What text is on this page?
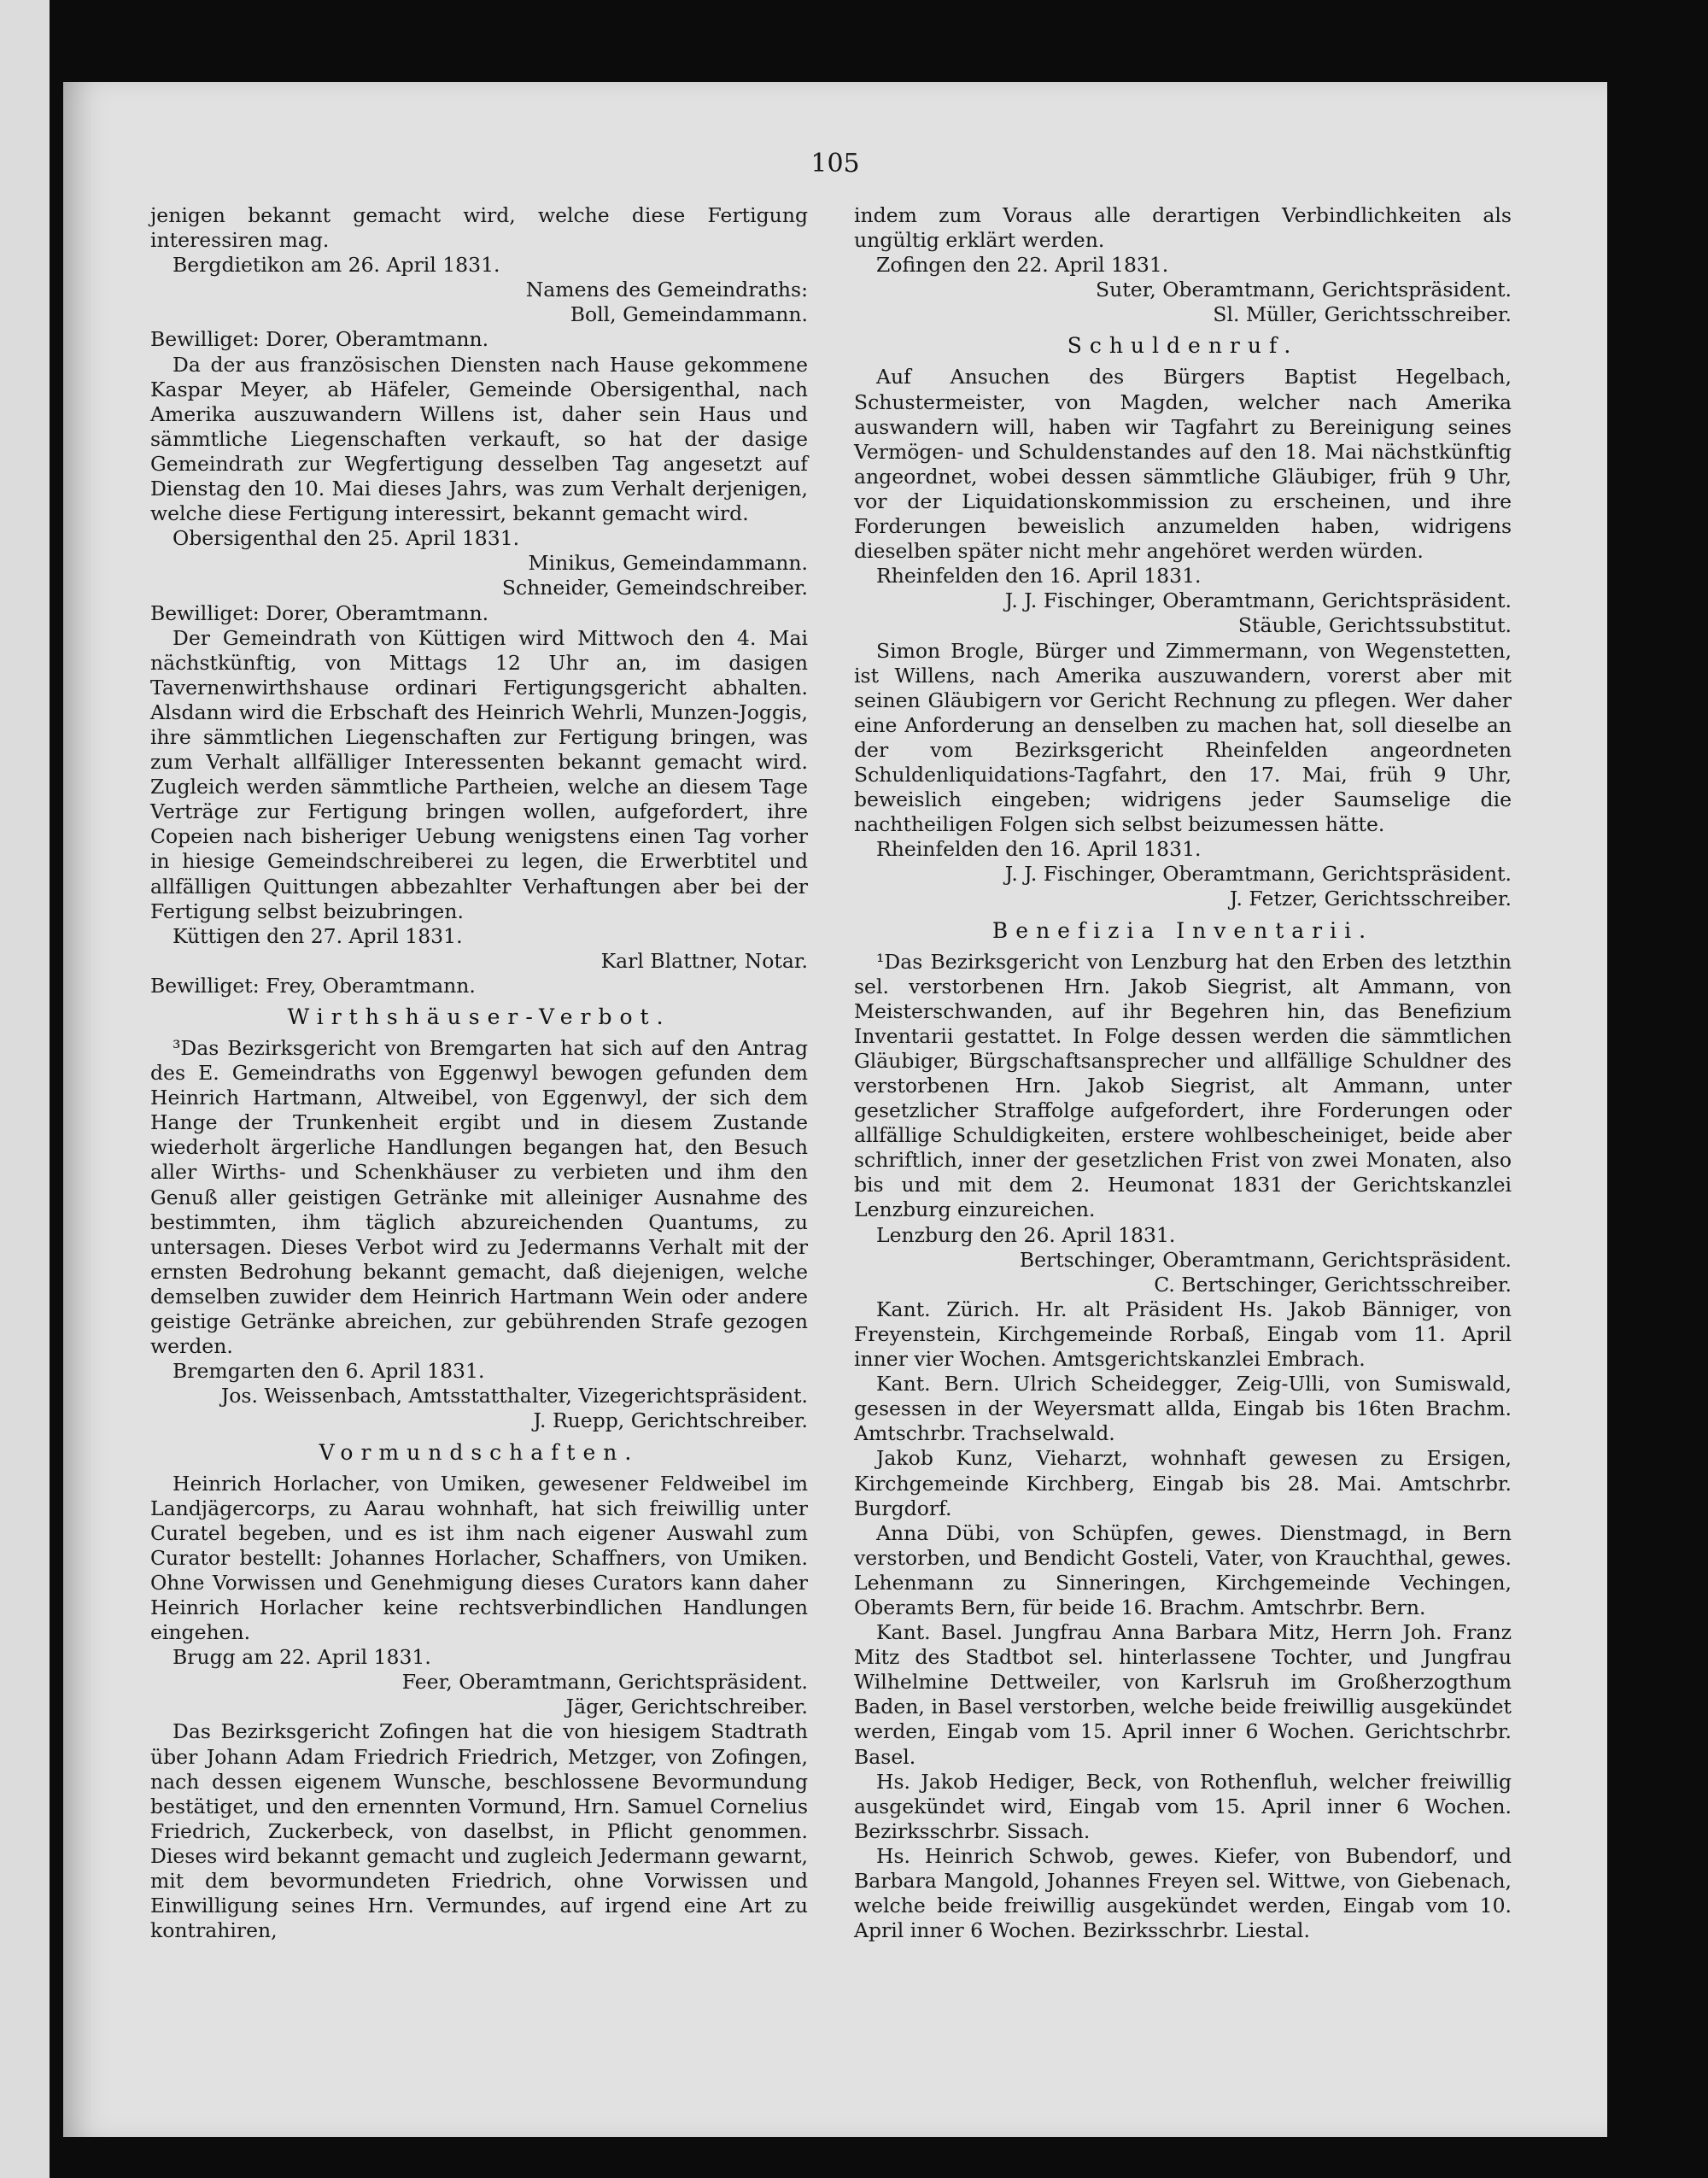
105
jenigen bekannt gemacht wird, welche diese Fertigung interessiren mag.
Bergdietikon am 26. April 1831.
Namens des Gemeindraths:
Boll, Gemeindammann.
Bewilliget: Dorer, Oberamtmann.
Da der aus französischen Diensten nach Hause gekommene Kaspar Meyer, ab Häfeler, Gemeinde Obersigenthal, nach Amerika auszuwandern Willens ist, daher sein Haus und sämmtliche Liegenschaften verkauft, so hat der dasige Gemeindrath zur Wegfertigung desselben Tag angesetzt auf Dienstag den 10. Mai dieses Jahrs, was zum Verhalt derjenigen, welche diese Fertigung interessirt, bekannt gemacht wird.
Obersigenthal den 25. April 1831.
Minikus, Gemeindammann.
Schneider, Gemeindschreiber.
Bewilliget: Dorer, Oberamtmann.
Der Gemeindrath von Küttigen wird Mittwoch den 4. Mai nächstkünftig, von Mittags 12 Uhr an, im dasigen Tavernenwirthshause ordinari Fertigungsgericht abhalten. Alsdann wird die Erbschaft des Heinrich Wehrli, Munzen-Joggis, ihre sämmtlichen Liegenschaften zur Fertigung bringen, was zum Verhalt allfälliger Interessenten bekannt gemacht wird. Zugleich werden sämmtliche Partheien, welche an diesem Tage Verträge zur Fertigung bringen wollen, aufgefordert, ihre Copeien nach bisheriger Uebung wenigstens einen Tag vorher in hiesige Gemeindschreiberei zu legen, die Erwerbtitel und allfälligen Quittungen abbezahlter Verhaftungen aber bei der Fertigung selbst beizubringen.
Küttigen den 27. April 1831.
Karl Blattner, Notar.
Bewilliget: Frey, Oberamtmann.
Wirthshäuser-Verbot.
³Das Bezirksgericht von Bremgarten hat sich auf den Antrag des E. Gemeindraths von Eggenwyl bewogen gefunden dem Heinrich Hartmann, Altweibel, von Eggenwyl, der sich dem Hange der Trunkenheit ergibt und in diesem Zustande wiederholt ärgerliche Handlungen begangen hat, den Besuch aller Wirths- und Schenkhäuser zu verbieten und ihm den Genuß aller geistigen Getränke mit alleiniger Ausnahme des bestimmten, ihm täglich abzureichenden Quantums, zu untersagen. Dieses Verbot wird zu Jedermanns Verhalt mit der ernsten Bedrohung bekannt gemacht, daß diejenigen, welche demselben zuwider dem Heinrich Hartmann Wein oder andere geistige Getränke abreichen, zur gebührenden Strafe gezogen werden.
Bremgarten den 6. April 1831.
Jos. Weissenbach, Amtsstatthalter, Vizegerichtspräsident.
J. Ruepp, Gerichtschreiber.
Vormundschaften.
Heinrich Horlacher, von Umiken, gewesener Feldweibel im Landjägercorps, zu Aarau wohnhaft, hat sich freiwillig unter Curatel begeben, und es ist ihm nach eigener Auswahl zum Curator bestellt: Johannes Horlacher, Schaffners, von Umiken. Ohne Vorwissen und Genehmigung dieses Curators kann daher Heinrich Horlacher keine rechtsverbindlichen Handlungen eingehen.
Brugg am 22. April 1831.
Feer, Oberamtmann, Gerichtspräsident.
Jäger, Gerichtschreiber.
Das Bezirksgericht Zofingen hat die von hiesigem Stadtrath über Johann Adam Friedrich Friedrich, Metzger, von Zofingen, nach dessen eigenem Wunsche, beschlossene Bevormundung bestätiget, und den ernennten Vormund, Hrn. Samuel Cornelius Friedrich, Zuckerbeck, von daselbst, in Pflicht genommen. Dieses wird bekannt gemacht und zugleich Jedermann gewarnt, mit dem bevormundeten Friedrich, ohne Vorwissen und Einwilligung seines Hrn. Vermundes, auf irgend eine Art zu kontrahiren,
indem zum Voraus alle derartigen Verbindlichkeiten als ungültig erklärt werden.
Zofingen den 22. April 1831.
Suter, Oberamtmann, Gerichtspräsident.
Sl. Müller, Gerichtsschreiber.
Schuldenruf.
Auf Ansuchen des Bürgers Baptist Hegelbach, Schustermeister, von Magden, welcher nach Amerika auswandern will, haben wir Tagfahrt zu Bereinigung seines Vermögen- und Schuldenstandes auf den 18. Mai nächstkünftig angeordnet, wobei dessen sämmtliche Gläubiger, früh 9 Uhr, vor der Liquidationskommission zu erscheinen, und ihre Forderungen beweislich anzumelden haben, widrigens dieselben später nicht mehr angehöret werden würden.
Rheinfelden den 16. April 1831.
J. J. Fischinger, Oberamtmann, Gerichtspräsident.
Stäuble, Gerichtssubstitut.
Simon Brogle, Bürger und Zimmermann, von Wegenstetten, ist Willens, nach Amerika auszuwandern, vorerst aber mit seinen Gläubigern vor Gericht Rechnung zu pflegen. Wer daher eine Anforderung an denselben zu machen hat, soll dieselbe an der vom Bezirksgericht Rheinfelden angeordneten Schuldenliquidations-Tagfahrt, den 17. Mai, früh 9 Uhr, beweislich eingeben; widrigens jeder Saumselige die nachtheiligen Folgen sich selbst beizumessen hätte.
Rheinfelden den 16. April 1831.
J. J. Fischinger, Oberamtmann, Gerichtspräsident.
J. Fetzer, Gerichtsschreiber.
Benefizia Inventarii.
¹Das Bezirksgericht von Lenzburg hat den Erben des letzthin sel. verstorbenen Hrn. Jakob Siegrist, alt Ammann, von Meisterschwanden, auf ihr Begehren hin, das Benefizium Inventarii gestattet. In Folge dessen werden die sämmtlichen Gläubiger, Bürgschaftsansprecher und allfällige Schuldner des verstorbenen Hrn. Jakob Siegrist, alt Ammann, unter gesetzlicher Straffolge aufgefordert, ihre Forderungen oder allfällige Schuldigkeiten, erstere wohlbescheiniget, beide aber schriftlich, inner der gesetzlichen Frist von zwei Monaten, also bis und mit dem 2. Heumonat 1831 der Gerichtskanzlei Lenzburg einzureichen.
Lenzburg den 26. April 1831.
Bertschinger, Oberamtmann, Gerichtspräsident.
C. Bertschinger, Gerichtsschreiber.
Kant. Zürich. Hr. alt Präsident Hs. Jakob Bänniger, von Freyenstein, Kirchgemeinde Rorbaß, Eingab vom 11. April inner vier Wochen. Amtsgerichtskanzlei Embrach.
Kant. Bern. Ulrich Scheidegger, Zeig-Ulli, von Sumiswald, gesessen in der Weyersmatt allda, Eingab bis 16ten Brachm. Amtschrbr. Trachselwald.
Jakob Kunz, Vieharzt, wohnhaft gewesen zu Ersigen, Kirchgemeinde Kirchberg, Eingab bis 28. Mai. Amtschrbr. Burgdorf.
Anna Dübi, von Schüpfen, gewes. Dienstmagd, in Bern verstorben, und Bendicht Gosteli, Vater, von Krauchthal, gewes. Lehenmann zu Sinneringen, Kirchgemeinde Vechingen, Oberamts Bern, für beide 16. Brachm. Amtschrbr. Bern.
Kant. Basel. Jungfrau Anna Barbara Mitz, Herrn Joh. Franz Mitz des Stadtbot sel. hinterlassene Tochter, und Jungfrau Wilhelmine Dettweiler, von Karlsruh im Großherzogthum Baden, in Basel verstorben, welche beide freiwillig ausgekündet werden, Eingab vom 15. April inner 6 Wochen. Gerichtschrbr. Basel.
Hs. Jakob Hediger, Beck, von Rothenfluh, welcher freiwillig ausgekündet wird, Eingab vom 15. April inner 6 Wochen. Bezirksschrbr. Sissach.
Hs. Heinrich Schwob, gewes. Kiefer, von Bubendorf, und Barbara Mangold, Johannes Freyen sel. Wittwe, von Giebenach, welche beide freiwillig ausgekündet werden, Eingab vom 10. April inner 6 Wochen. Bezirksschrbr. Liestal.
